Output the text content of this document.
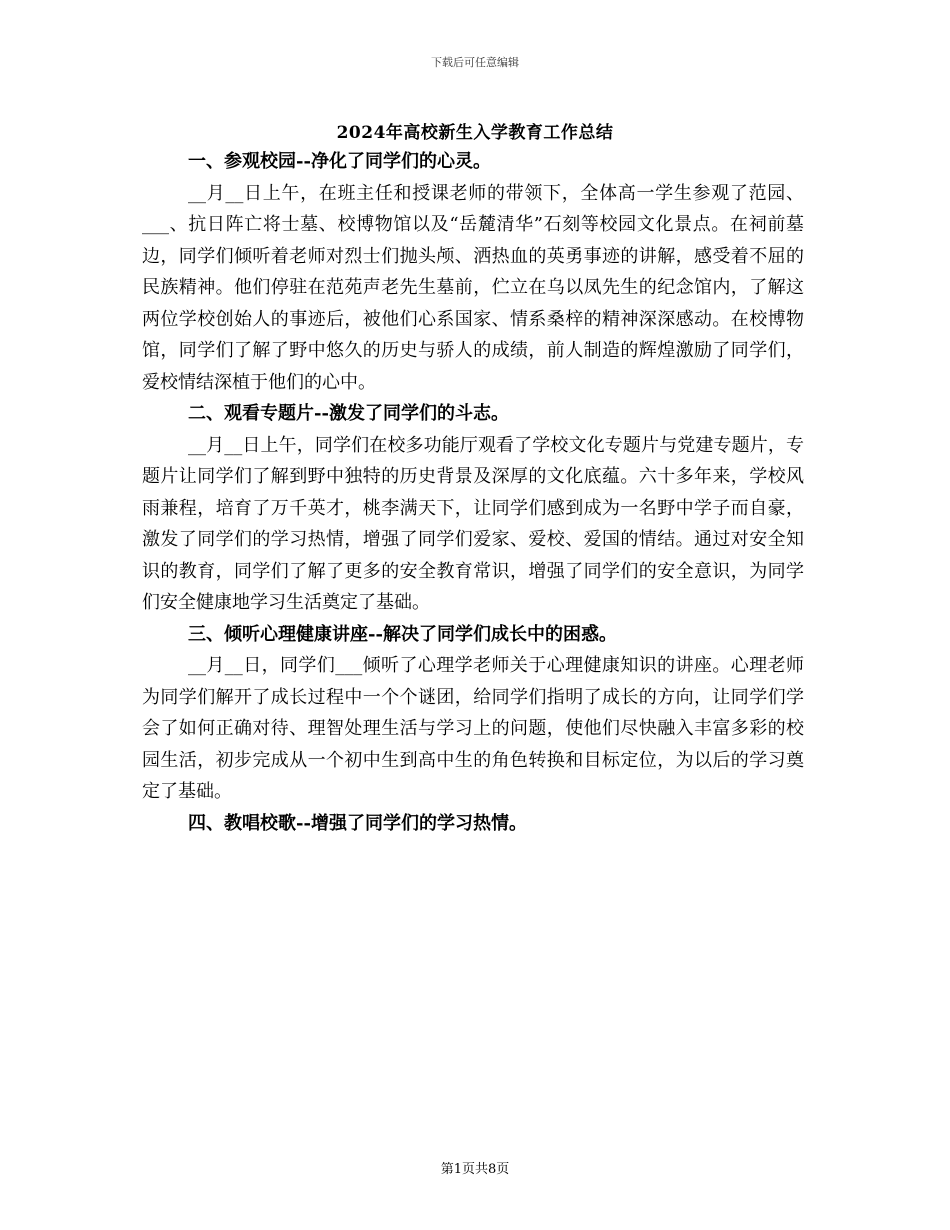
下载后可任意编辑
2024年高校新生入学教育工作总结

一、参观校园--净化了同学们的心灵。

__月__日上午，在班主任和授课老师的带领下，全体高一学生参观了范园、___、抗日阵亡将士墓、校博物馆以及“岳麓清华”石刻等校园文化景点。在祠前墓边，同学们倾听着老师对烈士们抛头颅、洒热血的英勇事迹的讲解，感受着不屈的民族精神。他们停驻在范苑声老先生墓前，伫立在乌以凤先生的纪念馆内，了解这两位学校创始人的事迹后，被他们心系国家、情系桑梓的精神深深感动。在校博物馆，同学们了解了野中悠久的历史与骄人的成绩，前人制造的辉煌激励了同学们，爱校情结深植于他们的心中。

二、观看专题片--激发了同学们的斗志。

__月__日上午，同学们在校多功能厅观看了学校文化专题片与党建专题片，专题片让同学们了解到野中独特的历史背景及深厚的文化底蕴。六十多年来，学校风雨兼程，培育了万千英才，桃李满天下，让同学们感到成为一名野中学子而自豪，激发了同学们的学习热情，增强了同学们爱家、爱校、爱国的情结。通过对安全知识的教育，同学们了解了更多的安全教育常识，增强了同学们的安全意识，为同学们安全健康地学习生活奠定了基础。

三、倾听心理健康讲座--解决了同学们成长中的困惑。

__月__日，同学们___倾听了心理学老师关于心理健康知识的讲座。心理老师为同学们解开了成长过程中一个个谜团，给同学们指明了成长的方向，让同学们学会了如何正确对待、理智处理生活与学习上的问题，使他们尽快融入丰富多彩的校园生活，初步完成从一个初中生到高中生的角色转换和目标定位，为以后的学习奠定了基础。

四、教唱校歌--增强了同学们的学习热情。

第1页共8页
